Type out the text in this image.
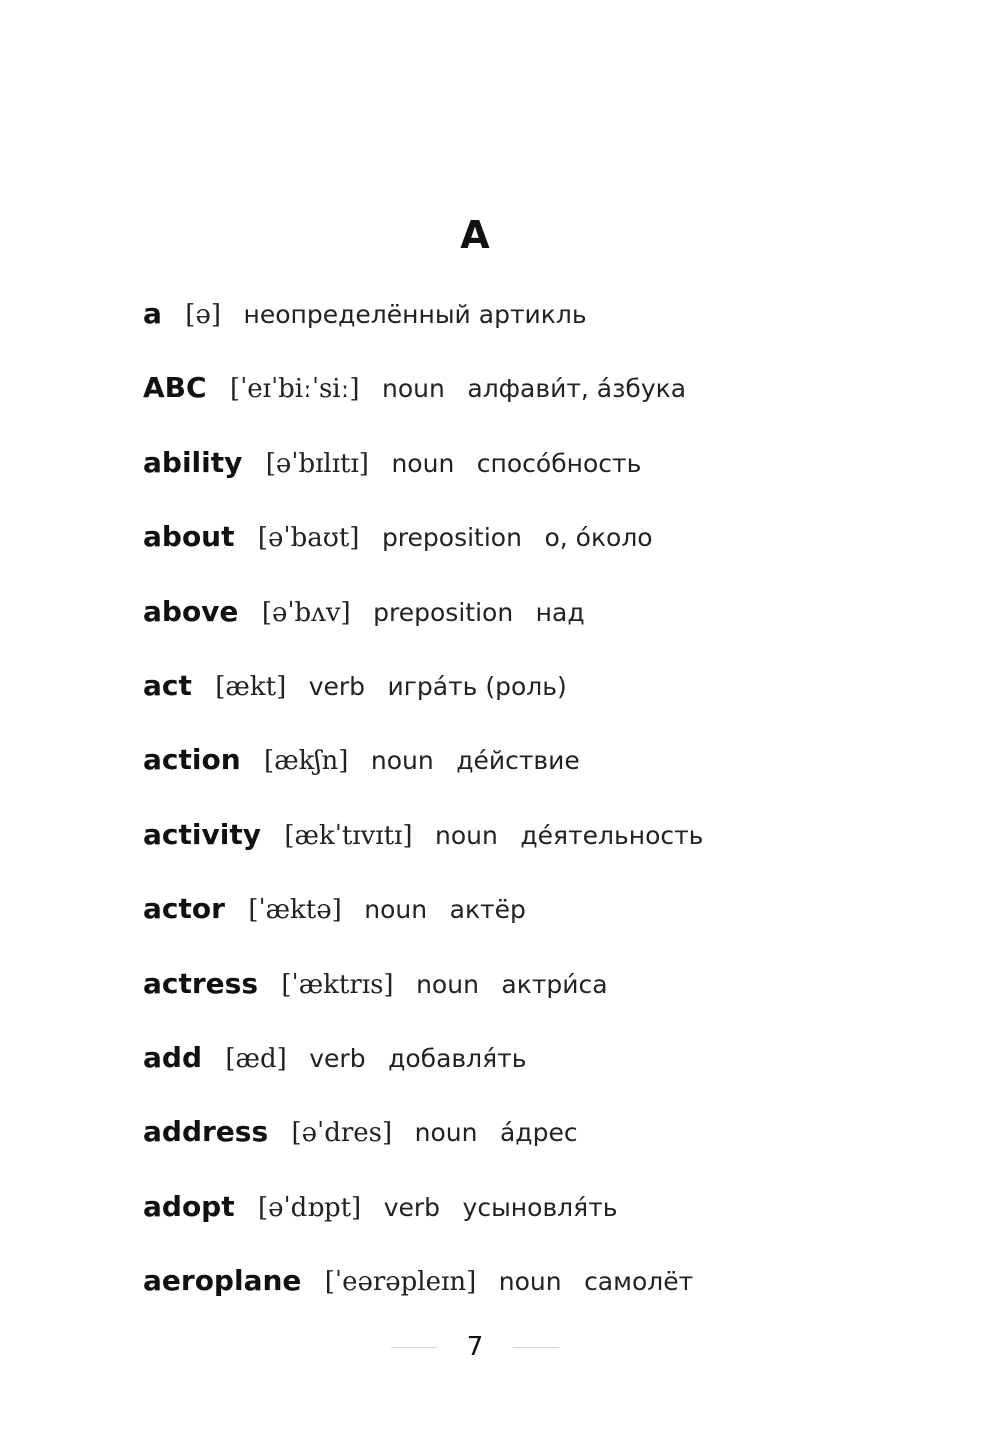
A
a [ə] неопределённый артикль
ABC [ˈeɪˈbiːˈsiː] noun алфави́т, а́збука
ability [əˈbɪlɪtɪ] noun спосо́бность
about [əˈbaʊt] preposition о, о́коло
above [əˈbʌv] preposition над
act [ækt] verb игра́ть (роль)
action [ækʃn] noun де́йствие
activity [ækˈtɪvɪtɪ] noun де́ятельность
actor [ˈæktə] noun актёр
actress [ˈæktrɪs] noun актри́са
add [æd] verb добавля́ть
address [əˈdres] noun а́дрес
adopt [əˈdɒpt] verb усыновля́ть
aeroplane [ˈeərəpleɪn] noun самолёт
7
